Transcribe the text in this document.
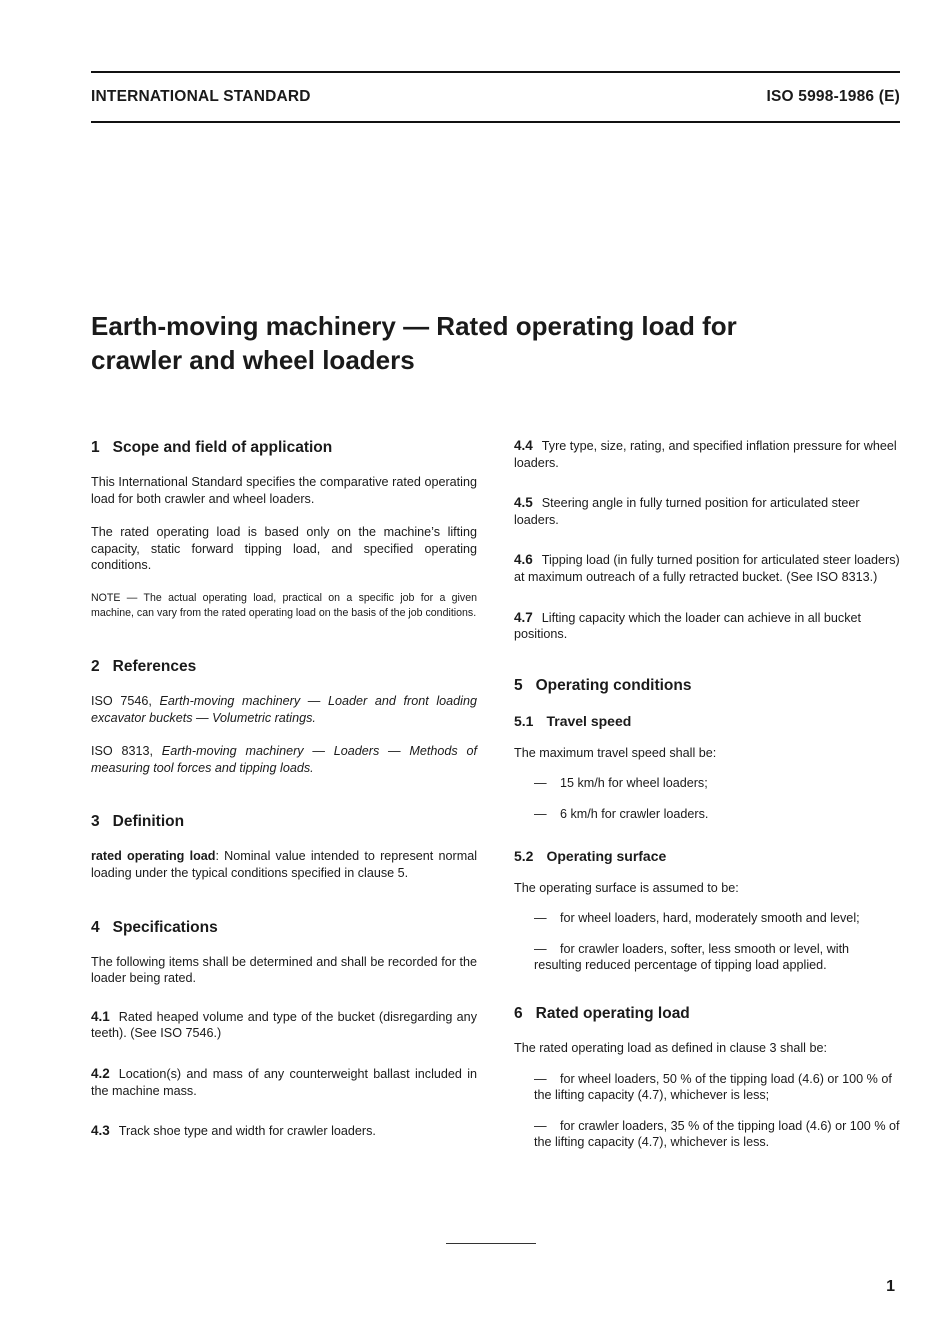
INTERNATIONAL STANDARD	ISO 5998-1986 (E)
Earth-moving machinery — Rated operating load for
crawler and wheel loaders
1 Scope and field of application

This International Standard specifies the comparative rated operating load for both crawler and wheel loaders.

The rated operating load is based only on the machine’s lifting capacity, static forward tipping load, and specified operating conditions.

NOTE — The actual operating load, practical on a specific job for a given machine, can vary from the rated operating load on the basis of the job conditions.

2 References

ISO 7546, Earth-moving machinery — Loader and front loading excavator buckets — Volumetric ratings.

ISO 8313, Earth-moving machinery — Loaders — Methods of measuring tool forces and tipping loads.

3 Definition

rated operating load: Nominal value intended to represent normal loading under the typical conditions specified in clause 5.

4 Specifications

The following items shall be determined and shall be recorded for the loader being rated.

4.1 Rated heaped volume and type of the bucket (disregarding any teeth). (See ISO 7546.)

4.2 Location(s) and mass of any counterweight ballast included in the machine mass.

4.3 Track shoe type and width for crawler loaders.

4.4 Tyre type, size, rating, and specified inflation pressure for wheel loaders.

4.5 Steering angle in fully turned position for articulated steer loaders.

4.6 Tipping load (in fully turned position for articulated steer loaders) at maximum outreach of a fully retracted bucket. (See ISO 8313.)

4.7 Lifting capacity which the loader can achieve in all bucket positions.

5 Operating conditions
5.1 Travel speed

The maximum travel speed shall be:

— 15 km/h for wheel loaders;

— 6 km/h for crawler loaders.

5.2 Operating surface

The operating surface is assumed to be:

— for wheel loaders, hard, moderately smooth and level;

— for crawler loaders, softer, less smooth or level, with resulting reduced percentage of tipping load applied.

6 Rated operating load

The rated operating load as defined in clause 3 shall be:

— for wheel loaders, 50 % of the tipping load (4.6) or 100 % of the lifting capacity (4.7), whichever is less;

— for crawler loaders, 35 % of the tipping load (4.6) or 100 % of the lifting capacity (4.7), whichever is less.

1
